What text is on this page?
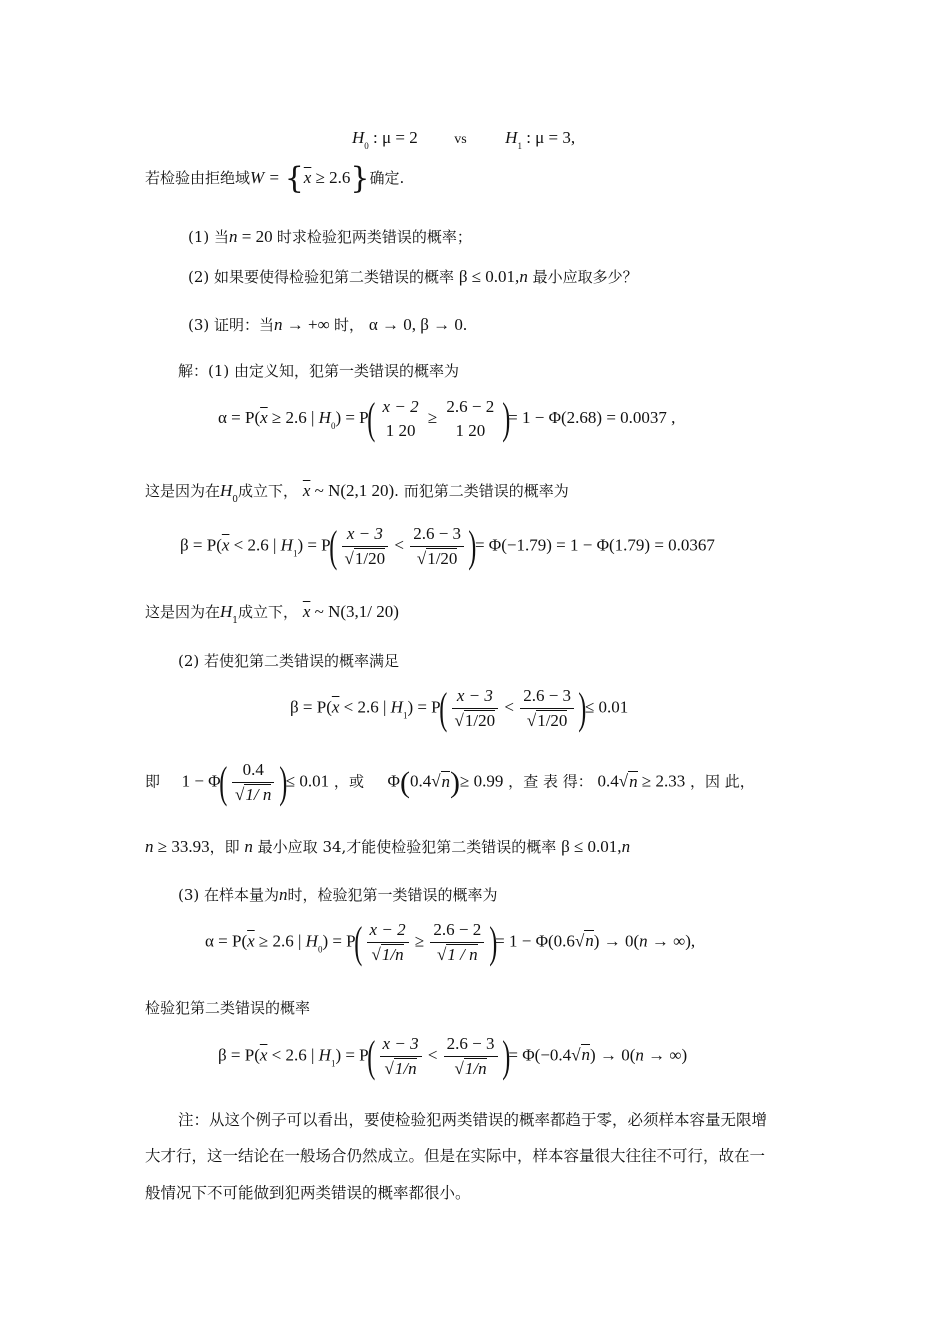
$H_0$ : μ = 2	vs $H_1$ : μ = 3,
若检验由拒绝域$W = \{\overline{x} \ge 2.6\}$确定.
(1) 当n = 20 时求检验犯两类错误的概率；
(2) 如果要使得检验犯第二类错误的概率 β ≤ 0.01,n 最小应取多少？
(3) 证明：当n → +∞ 时， α → 0, β → 0.
解：(1) 由定义知，犯第一类错误的概率为
$\alpha = P(\overline{x} \ge 2.6$ | $H_0) = P$( x − 2
1 20
≥
2.6 − 2
1 20 )= 1 − Φ(2.68) = 0.0037 ,
这是因为在$H_0$成立下， $\overline{x}$ ~ N(2,1 20). 而犯第二类错误的概率为
$\beta = P(\overline{x} < 2.6$ | $H_1) = P( \frac{x - 3}{√1/20} < \frac{2.6 - 3}{√1/20}$ )= Φ(−1.79) = 1 − Φ(1.79) = 0.0367
这是因为在$H_1$成立下， $\overline{x}$ ~ N(3,1/ 20)
(2) 若使犯第二类错误的概率满足
$\beta = P(\overline{x} < 2.6$ | $H_1) = P( \frac{x - 3}{√1/20} < \frac{2.6 - 3}{√1/20}$ )≤ 0.01
即 $1 - \Phi( \frac{0.4}{√1/ n}$ )≤ 0.01 ，或 Φ(0.4√n)≥ 0.99 ，查 表 得： 0.4√n ≥ 2.33 ，因 此，
n ≥ 33.93，即 n 最小应取 34,才能使检验犯第二类错误的概率 β ≤ 0.01,n
(3) 在样本量为n时，检验犯第一类错误的概率为
$\alpha = P(\overline{x} \ge 2.6$ | $H_0) = P( \frac{x - 2}{√1/n} \ge \frac{2.6 - 2}{√1 / n}$ )= 1 − Φ(0.6√n) → 0(n → ∞),
检验犯第二类错误的概率
$\beta = P(\overline{x} < 2.6$ | $H_1) = P( \frac{x - 3}{√1/n} < \frac{2.6 - 3}{√1/n}$ )= Φ(−0.4√n) → 0(n → ∞)
注：从这个例子可以看出，要使检验犯两类错误的概率都趋于零，必须样本容量无限增
大才行，这一结论在一般场合仍然成立。但是在实际中，样本容量很大往往不可行，故在一
般情况下不可能做到犯两类错误的概率都很小。
